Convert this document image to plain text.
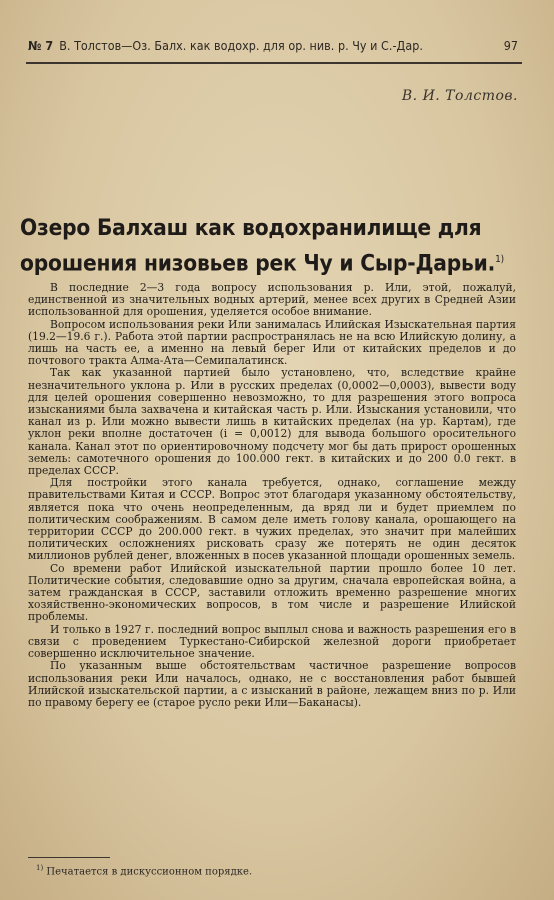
№ 7 В. Толстов—Оз. Балх. как водохр. для ор. нив. р. Чу и С.-Дар.	97
В. И. Толстов.
Озеро Балхаш как водохранилище для орошения низовьев рек Чу и Сыр-Дарьи.$^{1)}$

В последние 2—3 года вопросу использования р. Или, этой, пожалуй, единственной из значительных водных артерий, менее всех других в Средней Азии использованной для орошения, уделяется особое внимание.

Вопросом использования реки Или занималась Илийская Изыскательная партия (19.2—19.6 г.). Работа этой партии распространялась не на всю Илийскую долину, а лишь на часть ее, а именно на левый берег Или от китайских пределов и до почтового тракта Алма-Ата—Семипалатинск.

Так как указанной партией было установлено, что, вследствие крайне незначительного уклона р. Или в русских пределах (0,0002—0,0003), вывести воду для целей орошения совершенно невозможно, то для разрешения этого вопроса изысканиями была захвачена и китайская часть р. Или. Изыскания установили, что канал из р. Или можно вывести лишь в китайских пределах (на ур. Картам), где уклон реки вполне достаточен (i = 0,0012) для вывода большого оросительного канала. Канал этот по ориентировочному подсчету мог бы дать прирост орошенных земель: самотечного орошения до 100.000 гект. в китайских и до 200 0.0 гект. в пределах СССР.

Для постройки этого канала требуется, однако, соглашение между правительствами Китая и СССР. Вопрос этот благодаря указанному обстоятельству, является пока что очень неопределенным, да вряд ли и будет приемлем по политическим соображениям. В самом деле иметь голову канала, орошающего на территории СССР до 200.000 гект. в чужих пределах, это значит при малейших политических осложнениях рисковать сразу же потерять не один десяток миллионов рублей денег, вложенных в посев указанной площади орошенных земель.

Со времени работ Илийской изыскательной партии прошло более 10 лет. Политические события, следовавшие одно за другим, сначала европейская война, а затем гражданская в СССР, заставили отложить временно разрешение многих хозяйственно-экономических вопросов, в том числе и разрешение Илийской проблемы.

И только в 1927 г. последний вопрос выплыл снова и важность разрешения его в связи с проведением Туркестано-Сибирской железной дороги приобретает совершенно исключительное значение.

По указанным выше обстоятельствам частичное разрешение вопросов использования реки Или началось, однако, не с восстановления работ бывшей Илийской изыскательской партии, а с изысканий в районе, лежащем вниз по р. Или по правому берегу ее (старое русло реки Или—Баканасы).

$^{1)}$ Печатается в дискуссионном порядке.
